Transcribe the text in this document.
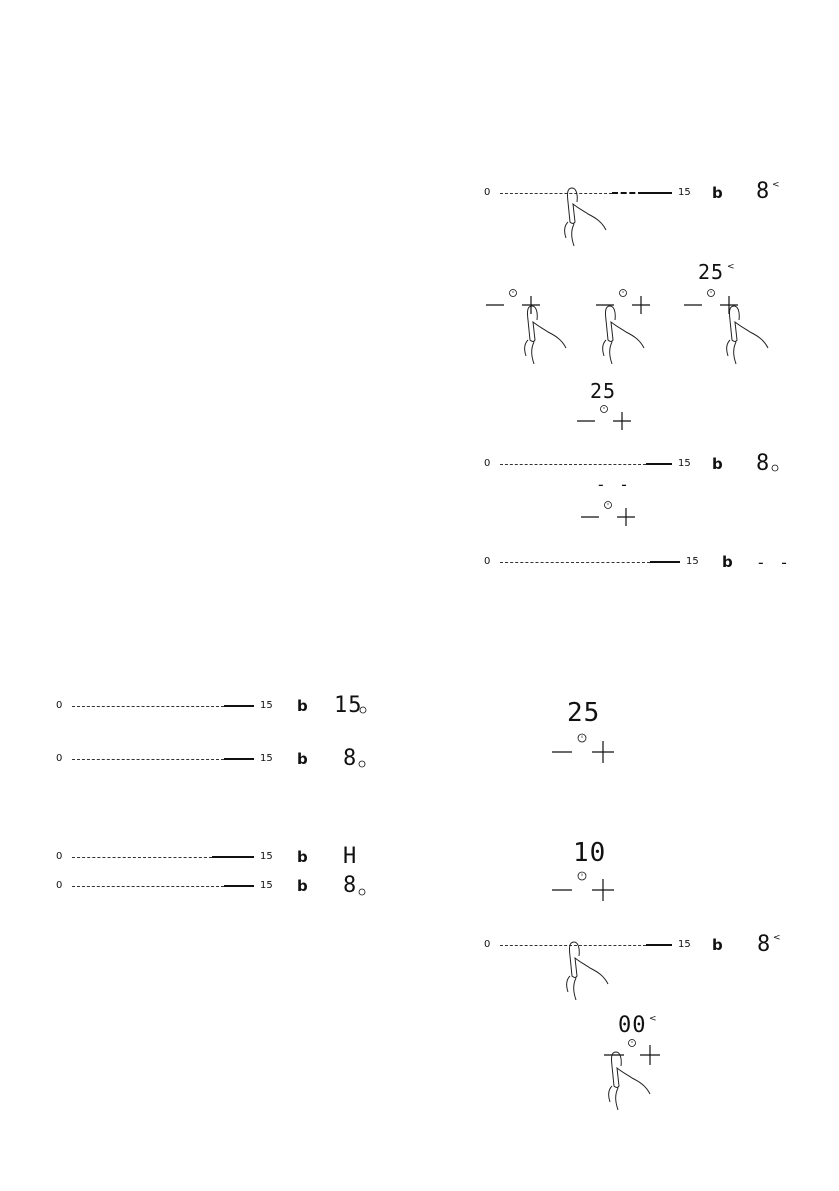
0	15 b 8 <
25 <
25
0	15 b 8
- -
0	15 b - -
0	15 b 15
0	15 b 8
0	15 b H
0	15 b 8
25
10
0	15 b 8 <
00 <
